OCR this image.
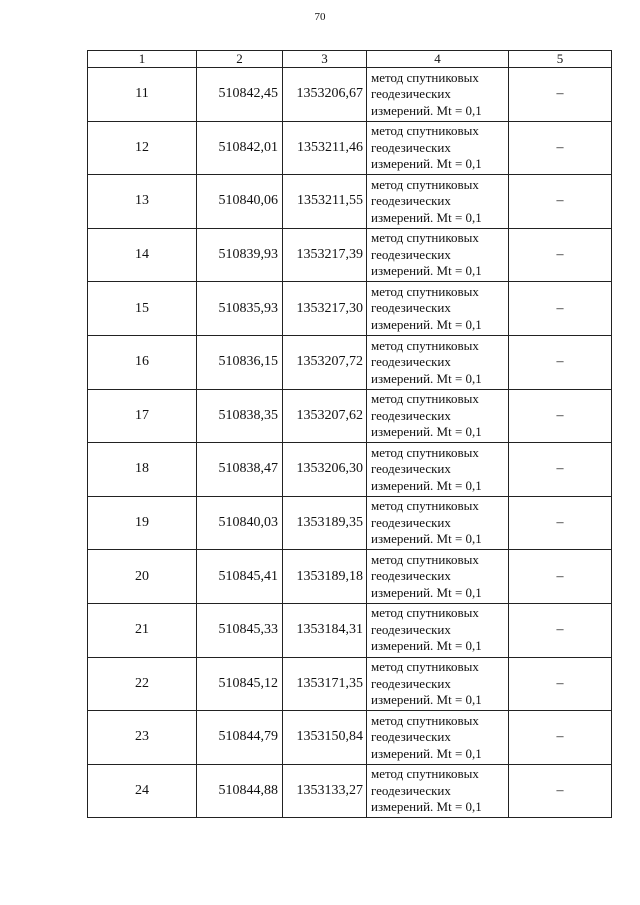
70
1	2	3	4	5
11	510842,45	1353206,67	метод спутниковых
геодезических
измерений. Mt = 0,1	–
12	510842,01	1353211,46	метод спутниковых
геодезических
измерений. Mt = 0,1	–
13	510840,06	1353211,55	метод спутниковых
геодезических
измерений. Mt = 0,1	–
14	510839,93	1353217,39	метод спутниковых
геодезических
измерений. Mt = 0,1	–
15	510835,93	1353217,30	метод спутниковых
геодезических
измерений. Mt = 0,1	–
16	510836,15	1353207,72	метод спутниковых
геодезических
измерений. Mt = 0,1	–
17	510838,35	1353207,62	метод спутниковых
геодезических
измерений. Mt = 0,1	–
18	510838,47	1353206,30	метод спутниковых
геодезических
измерений. Mt = 0,1	–
19	510840,03	1353189,35	метод спутниковых
геодезических
измерений. Mt = 0,1	–
20	510845,41	1353189,18	метод спутниковых
геодезических
измерений. Mt = 0,1	–
21	510845,33	1353184,31	метод спутниковых
геодезических
измерений. Mt = 0,1	–
22	510845,12	1353171,35	метод спутниковых
геодезических
измерений. Mt = 0,1	–
23	510844,79	1353150,84	метод спутниковых
геодезических
измерений. Mt = 0,1	–
24	510844,88	1353133,27	метод спутниковых
геодезических
измерений. Mt = 0,1	–
